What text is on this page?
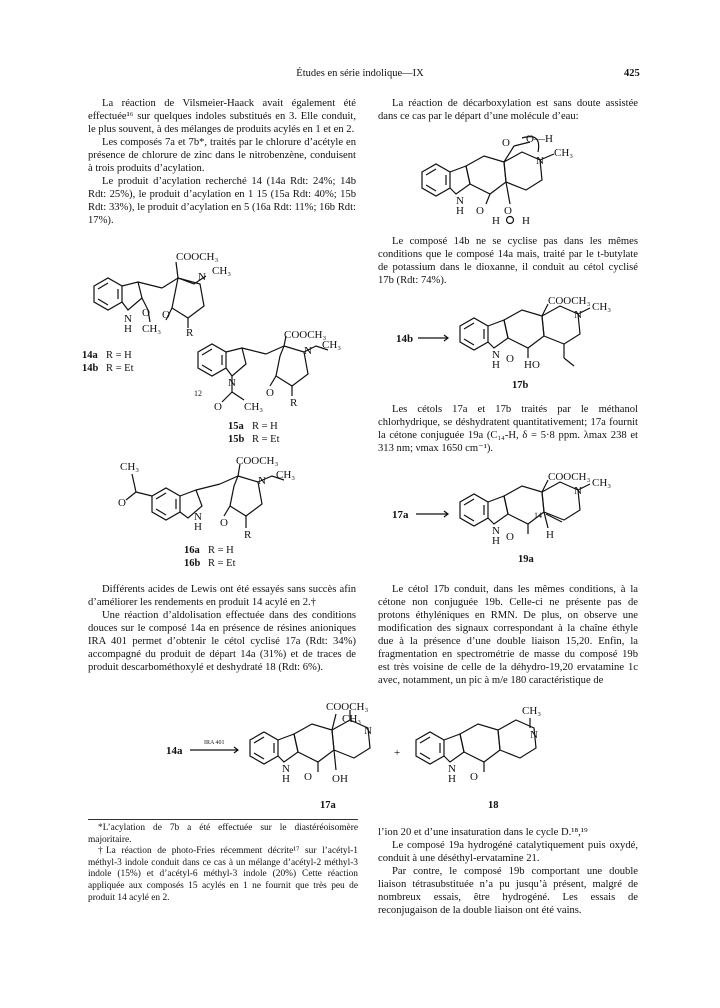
Études en série indolique—IX	425

La réaction de Vilsmeier-Haack avait également été effectuée¹⁶ sur quelques indoles substitués en 3. Elle conduit, le plus souvent, à des mélanges de produits acylés en 1 et en 2.

Les composés 7a et 7b*, traités par le chlorure d’acétyle en présence de chlorure de zinc dans le nitrobenzène, conduisent à trois produits d’acylation.

Le produit d’acylation recherché 14 (14a Rdt: 24%; 14b Rdt: 25%), le produit d’acylation en 1 15 (15a Rdt: 40%; 15b Rdt: 33%), le produit d’acylation en 5 (16a Rdt: 11%; 16b Rdt: 17%).

COOCH₃
N CH₃
N
H
O O
CH₃ R
14a R = H
14b R = Et
COOCH₃
N CH₃
N
12
O CH₃
O
R
15a R = H
15b R = Et
CH₃
O
COOCH₃
N CH₃
N
H O
R
16a R = H
16b R = Et

Différents acides de Lewis ont été essayés sans succès afin d’améliorer les rendements en produit 14 acylé en 2.†

Une réaction d’aldolisation effectuée dans des conditions douces sur le composé 14a en présence de résines anioniques IRA 401 permet d’obtenir le cétol cyclisé 17a (Rdt: 34%) accompagné du produit de départ 14a (31%) et de traces de produit descarbométhoxylé et deshydraté 18 (Rdt: 6%).

La réaction de décarboxylation est sans doute assistée dans ce cas par le départ d’une molécule d’eau:

O O—H
N
CH₃
N
H O O
H H

Le composé 14b ne se cyclise pas dans les mêmes conditions que le composé 14a mais, traité par le t-butylate de potassium dans le dioxanne, il conduit au cétol cyclisé 17b (Rdt: 74%).

14b
COOCH₃
N
CH₃
N
H O HO
17b

Les cétols 17a et 17b traités par le méthanol chlorhydrique, se déshydratent quantitativement; 17a fournit la cétone conjuguée 19a (C₁₄-H, δ = 5·8 ppm. λmax 238 et 313 nm; νmax 1650 cm⁻¹).

17a
COOCH₃
N
CH₃
14
H
N
H O
19a

Le cétol 17b conduit, dans les mêmes conditions, à la cétone non conjuguée 19b. Celle-ci ne présente pas de protons éthyléniques en RMN. De plus, on observe une modification des signaux correspondant à la chaîne éthyle due à la présence d’une double liaison 15,20. Enfin, la fragmentation en spectrométrie de masse du composé 19b est très voisine de celle de la déhydro-19,20 ervatamine 1c avec, notamment, un pic à m/e 180 caractéristique de

14a
IRA 401
COOCH₃
CH₃
N
N
H O OH
17a
+
CH₃
N
N
H O
18

l’ion 20 et d’une insaturation dans le cycle D.¹⁸,¹⁹

Le composé 19a hydrogéné catalytiquement puis oxydé, conduit à une déséthyl-ervatamine 21.

Par contre, le composé 19b comportant une double liaison tétrasubstituée n’a pu jusqu’à présent, malgré de nombreux essais, être hydrogéné. Les essais de reconjugaison de la double liaison ont été vains.

*L’acylation de 7b a été effectuée sur le diastéréoisomère majoritaire.

†La réaction de photo-Fries récemment décrite¹⁷ sur l’acétyl-1 méthyl-3 indole conduit dans ce cas à un mélange d’acétyl-2 méthyl-3 indole (15%) et d’acétyl-6 méthyl-3 indole (20%) Cette réaction appliquée aux composés 15 acylés en 1 ne fournit que très peu de produit 14 acylé en 2.
